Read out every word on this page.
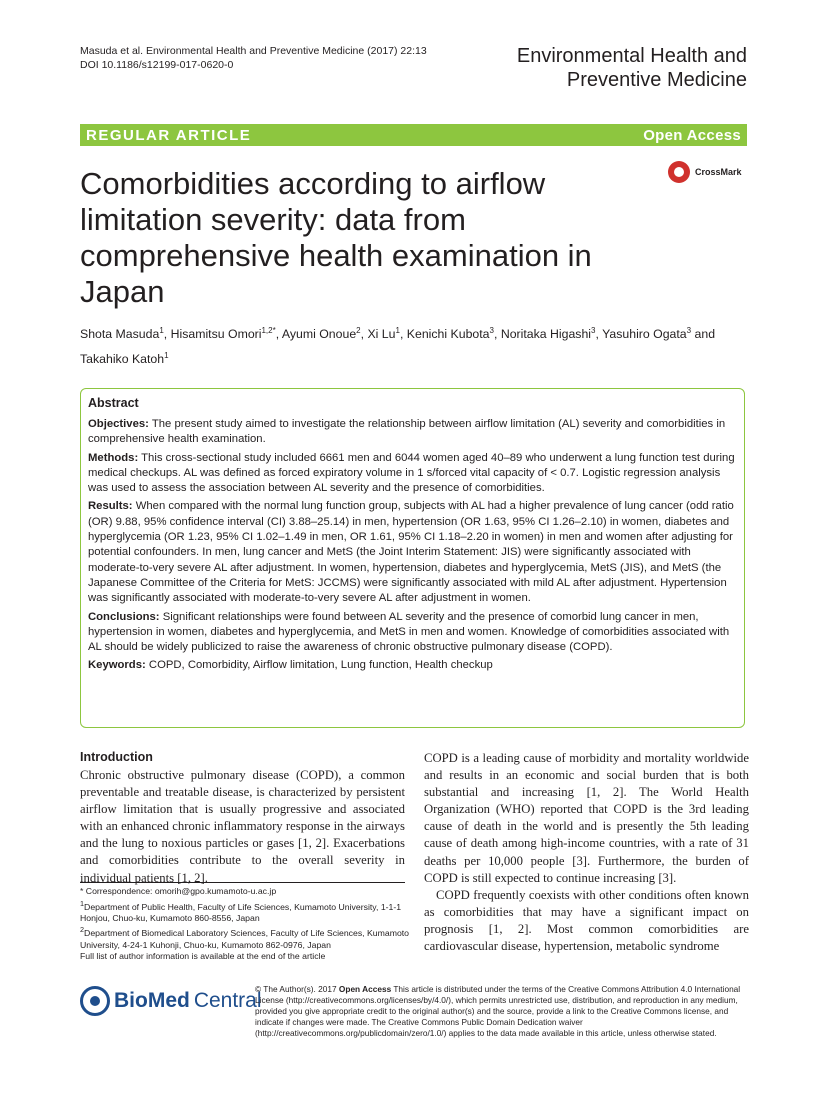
Masuda et al. Environmental Health and Preventive Medicine (2017) 22:13
DOI 10.1186/s12199-017-0620-0	Environmental Health and
Preventive Medicine
REGULAR ARTICLE	Open Access
CrossMark
Comorbidities according to airflow limitation severity: data from comprehensive health examination in Japan
Shota Masuda$^1$, Hisamitsu Omori$^{1,2*}$, Ayumi Onoue$^2$, Xi Lu$^1$, Kenichi Kubota$^3$, Noritaka Higashi$^3$, Yasuhiro Ogata$^3$ and Takahiko Katoh$^1$
Abstract

Objectives: The present study aimed to investigate the relationship between airflow limitation (AL) severity and comorbidities in comprehensive health examination.

Methods: This cross-sectional study included 6661 men and 6044 women aged 40–89 who underwent a lung function test during medical checkups. AL was defined as forced expiratory volume in 1 s/forced vital capacity of < 0.7. Logistic regression analysis was used to assess the association between AL severity and the presence of comorbidities.

Results: When compared with the normal lung function group, subjects with AL had a higher prevalence of lung cancer (odd ratio (OR) 9.88, 95% confidence interval (CI) 3.88–25.14) in men, hypertension (OR 1.63, 95% CI 1.26–2.10) in women, diabetes and hyperglycemia (OR 1.23, 95% CI 1.02–1.49 in men, OR 1.61, 95% CI 1.18–2.20 in women) in men and women after adjusting for potential confounders. In men, lung cancer and MetS (the Joint Interim Statement: JIS) were significantly associated with moderate-to-very severe AL after adjustment. In women, hypertension, diabetes and hyperglycemia, MetS (JIS), and MetS (the Japanese Committee of the Criteria for MetS: JCCMS) were significantly associated with mild AL after adjustment. Hypertension was significantly associated with moderate-to-very severe AL after adjustment in women.

Conclusions: Significant relationships were found between AL severity and the presence of comorbid lung cancer in men, hypertension in women, diabetes and hyperglycemia, and MetS in men and women. Knowledge of comorbidities associated with AL should be widely publicized to raise the awareness of chronic obstructive pulmonary disease (COPD).

Keywords: COPD, Comorbidity, Airflow limitation, Lung function, Health checkup

Introduction

Chronic obstructive pulmonary disease (COPD), a common preventable and treatable disease, is characterized by persistent airflow limitation that is usually progressive and associated with an enhanced chronic inflammatory response in the airways and the lung to noxious particles or gases [1, 2]. Exacerbations and comorbidities contribute to the overall severity in individual patients [1, 2].

COPD is a leading cause of morbidity and mortality worldwide and results in an economic and social burden that is both substantial and increasing [1, 2]. The World Health Organization (WHO) reported that COPD is the 3rd leading cause of death in the world and is presently the 5th leading cause of death among high-income countries, with a rate of 31 deaths per 10,000 people [3]. Furthermore, the burden of COPD is still expected to continue increasing [3].

COPD frequently coexists with other conditions often known as comorbidities that may have a significant impact on prognosis [1, 2]. Most common comorbidities are cardiovascular disease, hypertension, metabolic syndrome

* Correspondence: omorih@gpo.kumamoto-u.ac.jp

$^1$Department of Public Health, Faculty of Life Sciences, Kumamoto University, 1-1-1 Honjou, Chuo-ku, Kumamoto 860-8556, Japan

$^2$Department of Biomedical Laboratory Sciences, Faculty of Life Sciences, Kumamoto University, 4-24-1 Kuhonji, Chuo-ku, Kumamoto 862-0976, Japan

Full list of author information is available at the end of the article

BioMed Central
© The Author(s). 2017 Open Access This article is distributed under the terms of the Creative Commons Attribution 4.0 International License (http://creativecommons.org/licenses/by/4.0/), which permits unrestricted use, distribution, and reproduction in any medium, provided you give appropriate credit to the original author(s) and the source, provide a link to the Creative Commons license, and indicate if changes were made. The Creative Commons Public Domain Dedication waiver (http://creativecommons.org/publicdomain/zero/1.0/) applies to the data made available in this article, unless otherwise stated.
